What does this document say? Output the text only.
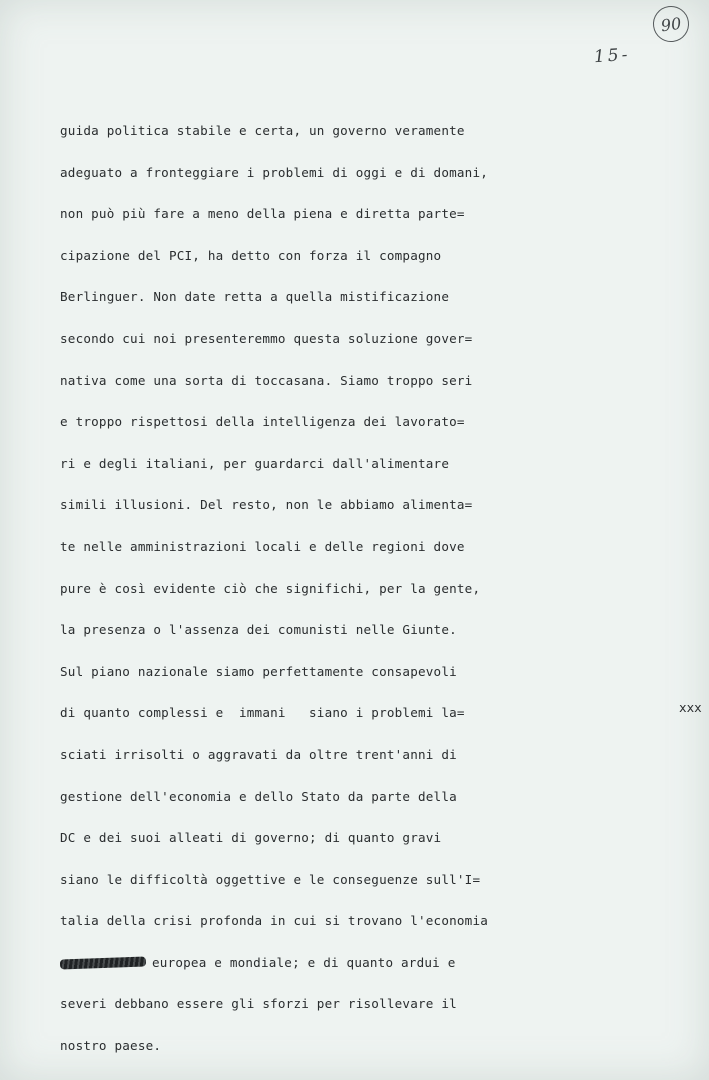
90
15-
guida politica stabile e certa, un governo veramente
adeguato a fronteggiare i problemi di oggi e di domani,
non può più fare a meno della piena e diretta parte=
cipazione del PCI, ha detto con forza il compagno
Berlinguer. Non date retta a quella mistificazione
secondo cui noi presenteremmo questa soluzione gover=
nativa come una sorta di toccasana. Siamo troppo seri
e troppo rispettosi della intelligenza dei lavorato=
ri e degli italiani, per guardarci dall'alimentare
simili illusioni. Del resto, non le abbiamo alimenta=
te nelle amministrazioni locali e delle regioni dove
pure è così evidente ciò che significhi, per la gente,
la presenza o l'assenza dei comunisti nelle Giunte.
Sul piano nazionale siamo perfettamente consapevoli
di quanto complessi e  immani   siano i problemi la=
sciati irrisolti o aggravati da oltre trent'anni di
gestione dell'economia e dello Stato da parte della
DC e dei suoi alleati di governo; di quanto gravi
siano le difficoltà oggettive e le conseguenze sull'I=
talia della crisi profonda in cui si trovano l'economia
europea e mondiale; e di quanto ardui e
severi debbano essere gli sforzi per risollevare il
nostro paese.
xxx
